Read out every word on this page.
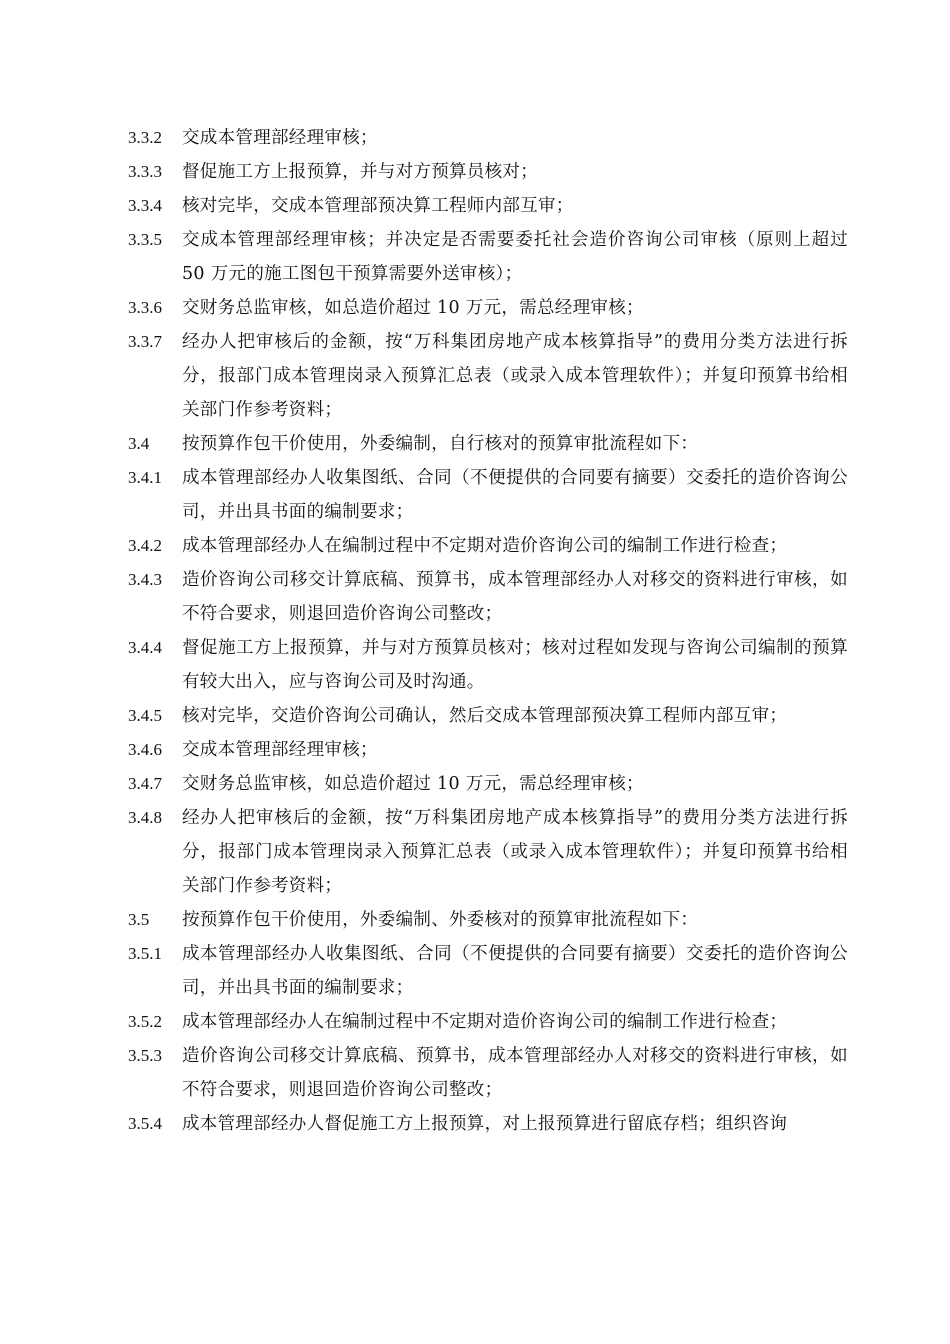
3.3.2 交成本管理部经理审核；
3.3.3 督促施工方上报预算，并与对方预算员核对；
3.3.4 核对完毕，交成本管理部预决算工程师内部互审；
3.3.5 交成本管理部经理审核；并决定是否需要委托社会造价咨询公司审核（原则上超过 50 万元的施工图包干预算需要外送审核）；
3.3.6 交财务总监审核，如总造价超过 10 万元，需总经理审核；
3.3.7 经办人把审核后的金额，按“万科集团房地产成本核算指导”的费用分类方法进行拆分，报部门成本管理岗录入预算汇总表（或录入成本管理软件）；并复印预算书给相关部门作参考资料；
3.4 按预算作包干价使用，外委编制，自行核对的预算审批流程如下：
3.4.1 成本管理部经办人收集图纸、合同（不便提供的合同要有摘要）交委托的造价咨询公司，并出具书面的编制要求；
3.4.2 成本管理部经办人在编制过程中不定期对造价咨询公司的编制工作进行检查；
3.4.3 造价咨询公司移交计算底稿、预算书，成本管理部经办人对移交的资料进行审核，如不符合要求，则退回造价咨询公司整改；
3.4.4 督促施工方上报预算，并与对方预算员核对；核对过程如发现与咨询公司编制的预算有较大出入，应与咨询公司及时沟通。
3.4.5 核对完毕，交造价咨询公司确认，然后交成本管理部预决算工程师内部互审；
3.4.6 交成本管理部经理审核；
3.4.7 交财务总监审核，如总造价超过 10 万元，需总经理审核；
3.4.8 经办人把审核后的金额，按“万科集团房地产成本核算指导”的费用分类方法进行拆分，报部门成本管理岗录入预算汇总表（或录入成本管理软件）；并复印预算书给相关部门作参考资料；
3.5 按预算作包干价使用，外委编制、外委核对的预算审批流程如下：
3.5.1 成本管理部经办人收集图纸、合同（不便提供的合同要有摘要）交委托的造价咨询公司，并出具书面的编制要求；
3.5.2 成本管理部经办人在编制过程中不定期对造价咨询公司的编制工作进行检查；
3.5.3 造价咨询公司移交计算底稿、预算书，成本管理部经办人对移交的资料进行审核，如不符合要求，则退回造价咨询公司整改；
3.5.4 成本管理部经办人督促施工方上报预算，对上报预算进行留底存档；组织咨询
